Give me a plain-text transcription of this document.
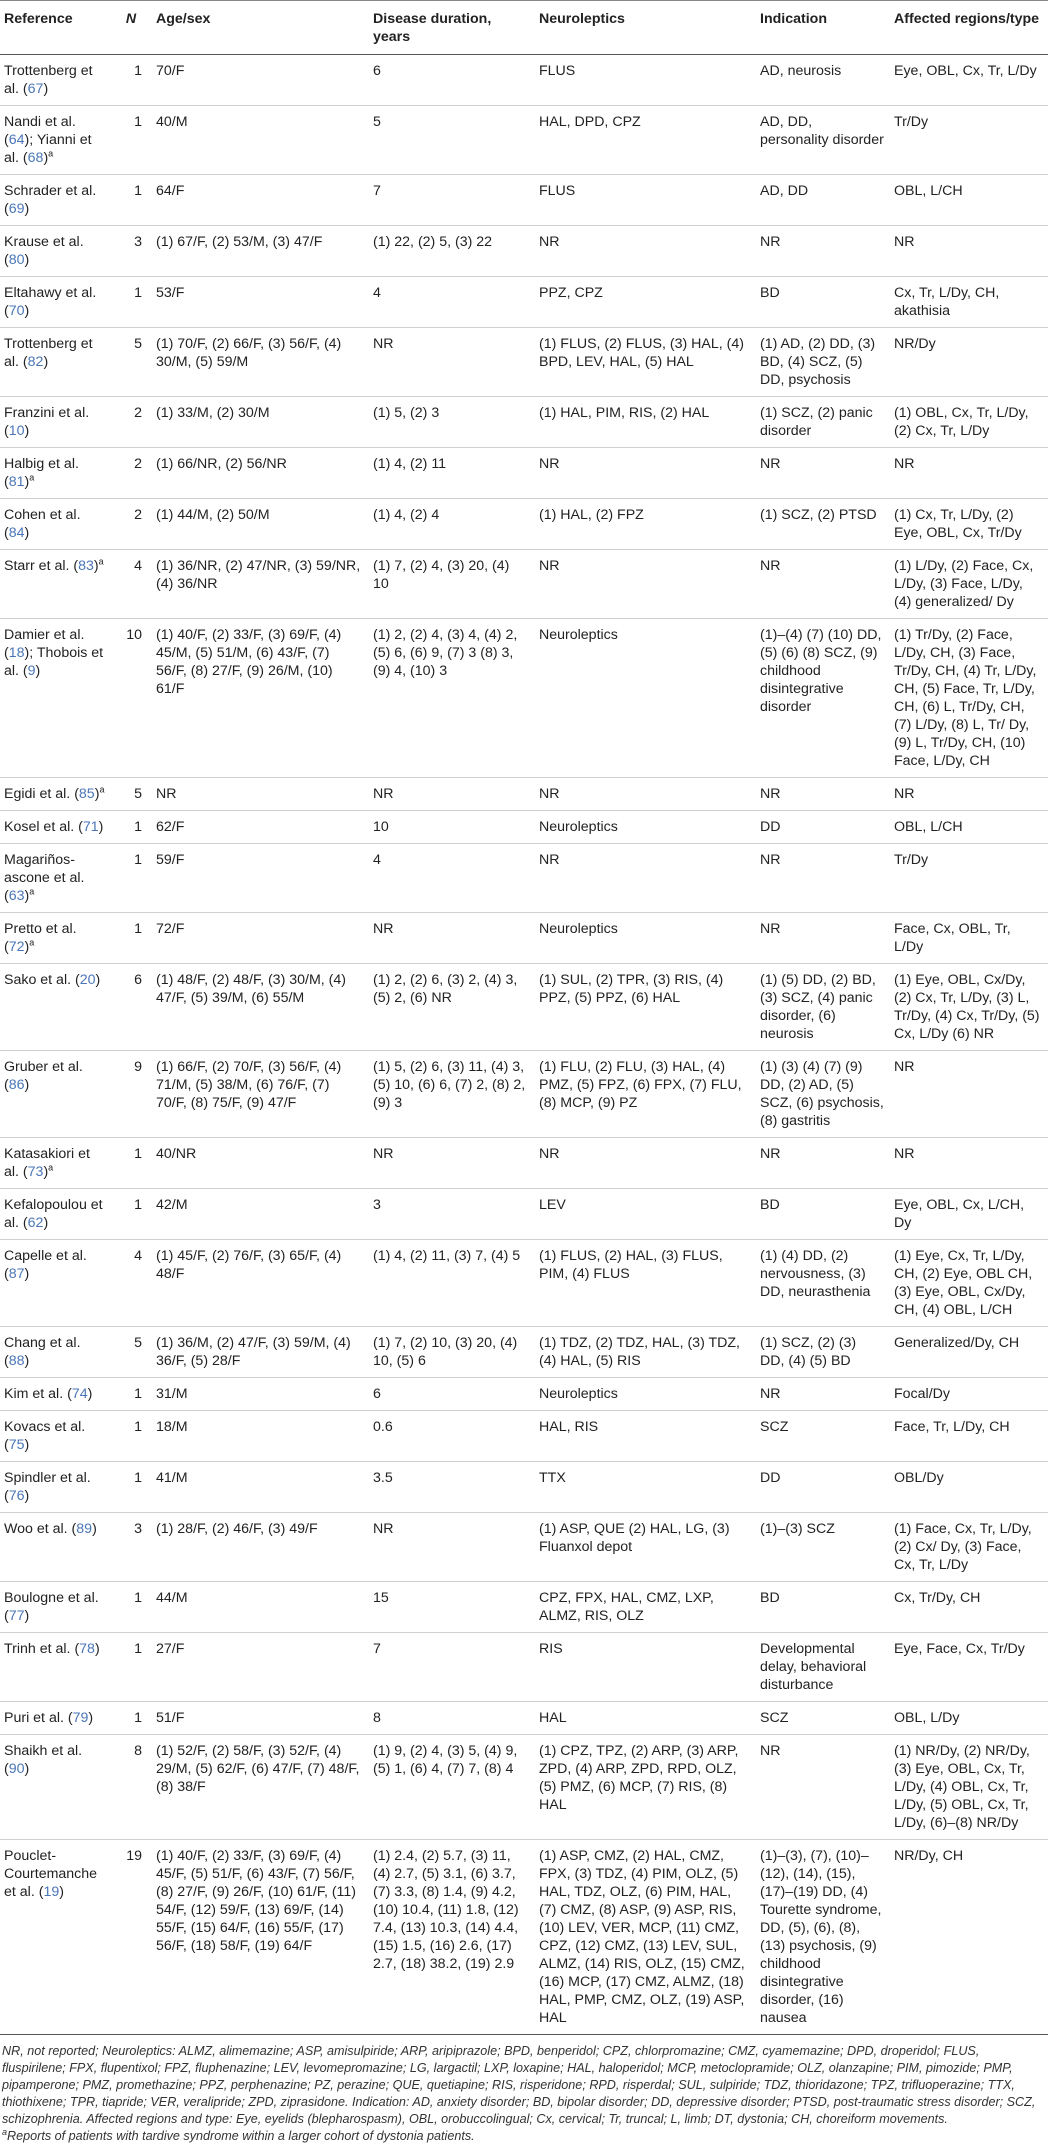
Reference	N	Age/sex	Disease duration, years	Neuroleptics	Indication	Affected regions/type
Trottenberg et al. (67)	1	70/F	6	FLUS	AD, neurosis	Eye, OBL, Cx, Tr, L/Dy
Nandi et al. (64); Yianni et al. $(68)^a$	1	40/M	5	HAL, DPD, CPZ	AD, DD, personality disorder	Tr/Dy
Schrader et al. (69)	1	64/F	7	FLUS	AD, DD	OBL, L/CH
Krause et al. (80)	3	(1) 67/F, (2) 53/M, (3) 47/F	(1) 22, (2) 5, (3) 22	NR	NR	NR
Eltahawy et al. (70)	1	53/F	4	PPZ, CPZ	BD	Cx, Tr, L/Dy, CH, akathisia
Trottenberg et al. (82)	5	(1) 70/F, (2) 66/F, (3) 56/F, (4) 30/M, (5) 59/M	NR	(1) FLUS, (2) FLUS, (3) HAL, (4) BPD, LEV, HAL, (5) HAL	(1) AD, (2) DD, (3) BD, (4) SCZ, (5) DD, psychosis	NR/Dy
Franzini et al. (10)	2	(1) 33/M, (2) 30/M	(1) 5, (2) 3	(1) HAL, PIM, RIS, (2) HAL	(1) SCZ, (2) panic disorder	(1) OBL, Cx, Tr, L/Dy, (2) Cx, Tr, L/Dy
Halbig et al. $(81)^a$	2	(1) 66/NR, (2) 56/NR	(1) 4, (2) 11	NR	NR	NR
Cohen et al. (84)	2	(1) 44/M, (2) 50/M	(1) 4, (2) 4	(1) HAL, (2) FPZ	(1) SCZ, (2) PTSD	(1) Cx, Tr, L/Dy, (2) Eye, OBL, Cx, Tr/Dy
Starr et al. $(83)^a$	4	(1) 36/NR, (2) 47/NR, (3) 59/NR, (4) 36/NR	(1) 7, (2) 4, (3) 20, (4) 10	NR	NR	(1) L/Dy, (2) Face, Cx, L/Dy, (3) Face, L/Dy, (4) generalized/ Dy
Damier et al. (18); Thobois et al. (9)	10	(1) 40/F, (2) 33/F, (3) 69/F, (4) 45/M, (5) 51/M, (6) 43/F, (7) 56/F, (8) 27/F, (9) 26/M, (10) 61/F	(1) 2, (2) 4, (3) 4, (4) 2, (5) 6, (6) 9, (7) 3 (8) 3, (9) 4, (10) 3	Neuroleptics	(1)–(4) (7) (10) DD, (5) (6) (8) SCZ, (9) childhood disintegrative disorder	(1) Tr/Dy, (2) Face, L/Dy, CH, (3) Face, Tr/Dy, CH, (4) Tr, L/Dy, CH, (5) Face, Tr, L/Dy, CH, (6) L, Tr/Dy, CH, (7) L/Dy, (8) L, Tr/ Dy, (9) L, Tr/Dy, CH, (10) Face, L/Dy, CH
Egidi et al. $(85)^a$	5	NR	NR	NR	NR	NR
Kosel et al. (71)	1	62/F	10	Neuroleptics	DD	OBL, L/CH
Magariños-ascone et al. $(63)^a$	1	59/F	4	NR	NR	Tr/Dy
Pretto et al. $(72)^a$	1	72/F	NR	Neuroleptics	NR	Face, Cx, OBL, Tr, L/Dy
Sako et al. (20)	6	(1) 48/F, (2) 48/F, (3) 30/M, (4) 47/F, (5) 39/M, (6) 55/M	(1) 2, (2) 6, (3) 2, (4) 3, (5) 2, (6) NR	(1) SUL, (2) TPR, (3) RIS, (4) PPZ, (5) PPZ, (6) HAL	(1) (5) DD, (2) BD, (3) SCZ, (4) panic disorder, (6) neurosis	(1) Eye, OBL, Cx/Dy, (2) Cx, Tr, L/Dy, (3) L, Tr/Dy, (4) Cx, Tr/Dy, (5) Cx, L/Dy (6) NR
Gruber et al. (86)	9	(1) 66/F, (2) 70/F, (3) 56/F, (4) 71/M, (5) 38/M, (6) 76/F, (7) 70/F, (8) 75/F, (9) 47/F	(1) 5, (2) 6, (3) 11, (4) 3, (5) 10, (6) 6, (7) 2, (8) 2, (9) 3	(1) FLU, (2) FLU, (3) HAL, (4) PMZ, (5) FPZ, (6) FPX, (7) FLU, (8) MCP, (9) PZ	(1) (3) (4) (7) (9) DD, (2) AD, (5) SCZ, (6) psychosis, (8) gastritis	NR
Katasakiori et al. $(73)^a$	1	40/NR	NR	NR	NR	NR
Kefalopoulou et al. (62)	1	42/M	3	LEV	BD	Eye, OBL, Cx, L/CH, Dy
Capelle et al. (87)	4	(1) 45/F, (2) 76/F, (3) 65/F, (4) 48/F	(1) 4, (2) 11, (3) 7, (4) 5	(1) FLUS, (2) HAL, (3) FLUS, PIM, (4) FLUS	(1) (4) DD, (2) nervousness, (3) DD, neurasthenia	(1) Eye, Cx, Tr, L/Dy, CH, (2) Eye, OBL CH, (3) Eye, OBL, Cx/Dy, CH, (4) OBL, L/CH
Chang et al. (88)	5	(1) 36/M, (2) 47/F, (3) 59/M, (4) 36/F, (5) 28/F	(1) 7, (2) 10, (3) 20, (4) 10, (5) 6	(1) TDZ, (2) TDZ, HAL, (3) TDZ, (4) HAL, (5) RIS	(1) SCZ, (2) (3) DD, (4) (5) BD	Generalized/Dy, CH
Kim et al. (74)	1	31/M	6	Neuroleptics	NR	Focal/Dy
Kovacs et al. (75)	1	18/M	0.6	HAL, RIS	SCZ	Face, Tr, L/Dy, CH
Spindler et al. (76)	1	41/M	3.5	TTX	DD	OBL/Dy
Woo et al. (89)	3	(1) 28/F, (2) 46/F, (3) 49/F	NR	(1) ASP, QUE (2) HAL, LG, (3) Fluanxol depot	(1)–(3) SCZ	(1) Face, Cx, Tr, L/Dy, (2) Cx/ Dy, (3) Face, Cx, Tr, L/Dy
Boulogne et al. (77)	1	44/M	15	CPZ, FPX, HAL, CMZ, LXP, ALMZ, RIS, OLZ	BD	Cx, Tr/Dy, CH
Trinh et al. (78)	1	27/F	7	RIS	Developmental delay, behavioral disturbance	Eye, Face, Cx, Tr/Dy
Puri et al. (79)	1	51/F	8	HAL	SCZ	OBL, L/Dy
Shaikh et al. (90)	8	(1) 52/F, (2) 58/F, (3) 52/F, (4) 29/M, (5) 62/F, (6) 47/F, (7) 48/F, (8) 38/F	(1) 9, (2) 4, (3) 5, (4) 9, (5) 1, (6) 4, (7) 7, (8) 4	(1) CPZ, TPZ, (2) ARP, (3) ARP, ZPD, (4) ARP, ZPD, RPD, OLZ, (5) PMZ, (6) MCP, (7) RIS, (8) HAL	NR	(1) NR/Dy, (2) NR/Dy, (3) Eye, OBL, Cx, Tr, L/Dy, (4) OBL, Cx, Tr, L/Dy, (5) OBL, Cx, Tr, L/Dy, (6)–(8) NR/Dy
Pouclet-Courtemanche et al. (19)	19	(1) 40/F, (2) 33/F, (3) 69/F, (4) 45/F, (5) 51/F, (6) 43/F, (7) 56/F, (8) 27/F, (9) 26/F, (10) 61/F, (11) 54/F, (12) 59/F, (13) 69/F, (14) 55/F, (15) 64/F, (16) 55/F, (17) 56/F, (18) 58/F, (19) 64/F	(1) 2.4, (2) 5.7, (3) 11, (4) 2.7, (5) 3.1, (6) 3.7, (7) 3.3, (8) 1.4, (9) 4.2, (10) 10.4, (11) 1.8, (12) 7.4, (13) 10.3, (14) 4.4, (15) 1.5, (16) 2.6, (17) 2.7, (18) 38.2, (19) 2.9	(1) ASP, CMZ, (2) HAL, CMZ, FPX, (3) TDZ, (4) PIM, OLZ, (5) HAL, TDZ, OLZ, (6) PIM, HAL, (7) CMZ, (8) ASP, (9) ASP, RIS, (10) LEV, VER, MCP, (11) CMZ, CPZ, (12) CMZ, (13) LEV, SUL, ALMZ, (14) RIS, OLZ, (15) CMZ, (16) MCP, (17) CMZ, ALMZ, (18) HAL, PMP, CMZ, OLZ, (19) ASP, HAL	(1)–(3), (7), (10)–(12), (14), (15), (17)–(19) DD, (4) Tourette syndrome, DD, (5), (6), (8), (13) psychosis, (9) childhood disintegrative disorder, (16) nausea	NR/Dy, CH

NR, not reported; Neuroleptics: ALMZ, alimemazine; ASP, amisulpiride; ARP, aripiprazole; BPD, benperidol; CPZ, chlorpromazine; CMZ, cyamemazine; DPD, droperidol; FLUS, fluspirilene; FPX, flupentixol; FPZ, fluphenazine; LEV, levomepromazine; LG, largactil; LXP, loxapine; HAL, haloperidol; MCP, metoclopramide; OLZ, olanzapine; PIM, pimozide; PMP, pipamperone; PMZ, promethazine; PPZ, perphenazine; PZ, perazine; QUE, quetiapine; RIS, risperidone; RPD, risperdal; SUL, sulpiride; TDZ, thioridazone; TPZ, trifluoperazine; TTX, thiothixene; TPR, tiapride; VER, veralipride; ZPD, ziprasidone. Indication: AD, anxiety disorder; BD, bipolar disorder; DD, depressive disorder; PTSD, post-traumatic stress disorder; SCZ, schizophrenia. Affected regions and type: Eye, eyelids (blepharospasm), OBL, orobuccolingual; Cx, cervical; Tr, truncal; L, limb; DT, dystonia; CH, choreiform movements.

$^a$Reports of patients with tardive syndrome within a larger cohort of dystonia patients.
